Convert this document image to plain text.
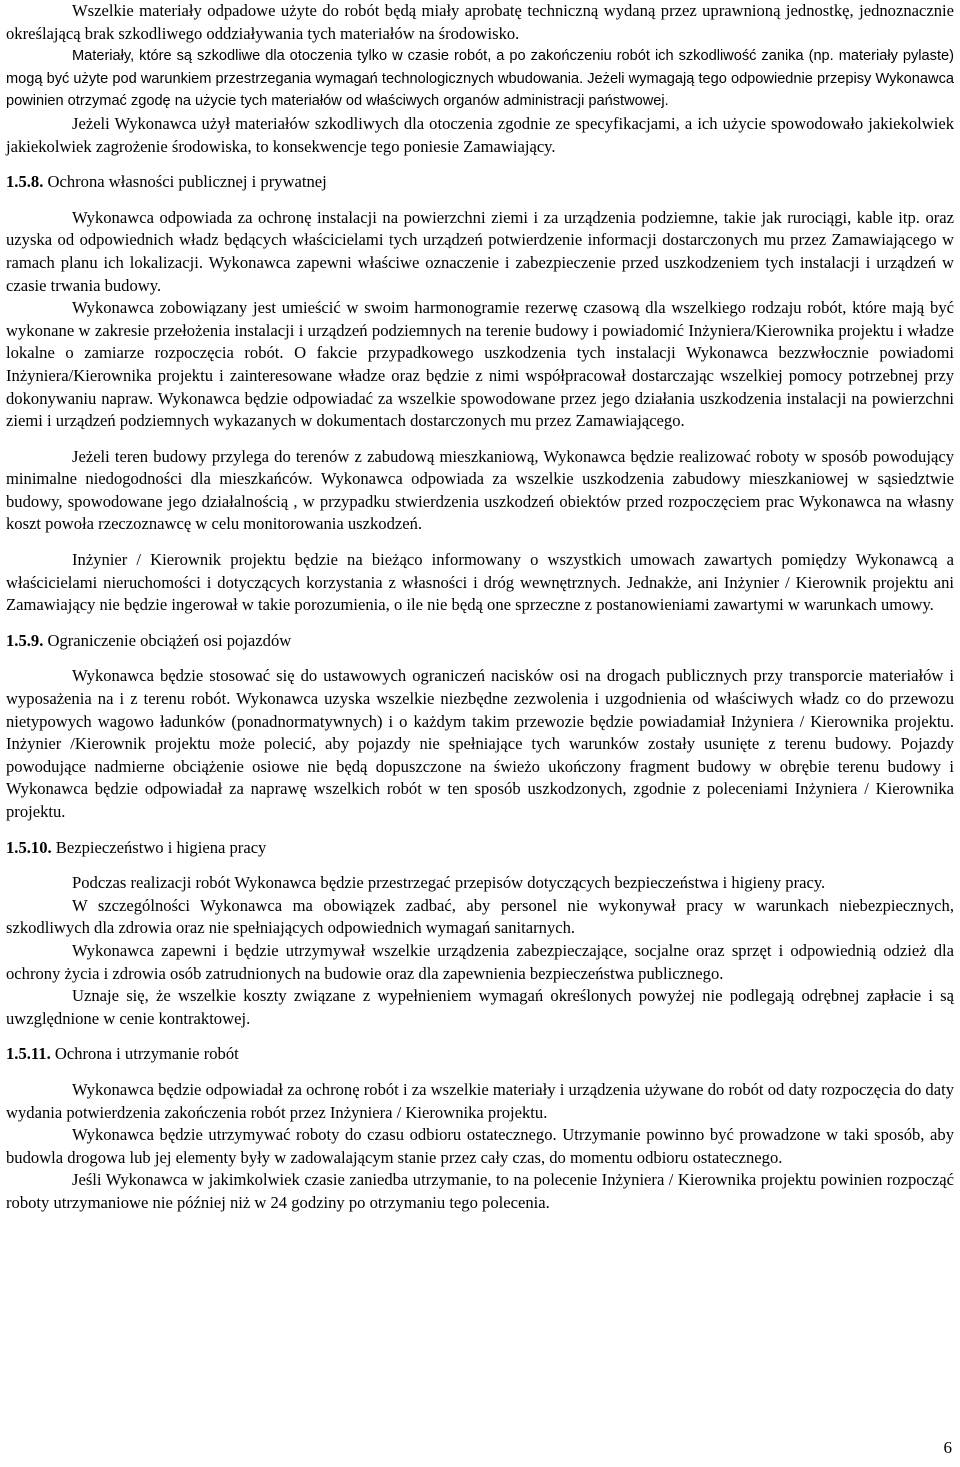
Wszelkie materiały odpadowe użyte do robót będą miały aprobatę techniczną wydaną przez uprawnioną jednostkę, jednoznacznie określającą brak szkodliwego oddziaływania tych materiałów na środowisko.

Materiały, które są szkodliwe dla otoczenia tylko w czasie robót, a po zakończeniu robót ich szkodliwość zanika (np. materiały pylaste) mogą być użyte pod warunkiem przestrzegania wymagań technologicznych wbudowania. Jeżeli wymagają tego odpowiednie przepisy Wykonawca powinien otrzymać zgodę na użycie tych materiałów od właściwych organów administracji państwowej.

Jeżeli Wykonawca użył materiałów szkodliwych dla otoczenia zgodnie ze specyfikacjami, a ich użycie spowodowało jakiekolwiek jakiekolwiek zagrożenie środowiska, to konsekwencje tego poniesie Zamawiający.

1.5.8. Ochrona własności publicznej i prywatnej

Wykonawca odpowiada za ochronę instalacji na powierzchni ziemi i za urządzenia podziemne, takie jak rurociągi, kable itp. oraz uzyska od odpowiednich władz będących właścicielami tych urządzeń potwierdzenie informacji dostarczonych mu przez Zamawiającego w ramach planu ich lokalizacji. Wykonawca zapewni właściwe oznaczenie i zabezpieczenie przed uszkodzeniem tych instalacji i urządzeń w czasie trwania budowy.

Wykonawca zobowiązany jest umieścić w swoim harmonogramie rezerwę czasową dla wszelkiego rodzaju robót, które mają być wykonane w zakresie przełożenia instalacji i urządzeń podziemnych na terenie budowy i powiadomić Inżyniera/Kierownika projektu i władze lokalne o zamiarze rozpoczęcia robót. O fakcie przypadkowego uszkodzenia tych instalacji Wykonawca bezzwłocznie powiadomi Inżyniera/Kierownika projektu i zainteresowane władze oraz będzie z nimi współpracował dostarczając wszelkiej pomocy potrzebnej przy dokonywaniu napraw. Wykonawca będzie odpowiadać za wszelkie spowodowane przez jego działania uszkodzenia instalacji na powierzchni ziemi i urządzeń podziemnych wykazanych w dokumentach dostarczonych mu przez Zamawiającego.

Jeżeli teren budowy przylega do terenów z zabudową mieszkaniową, Wykonawca będzie realizować roboty w sposób powodujący minimalne niedogodności dla mieszkańców. Wykonawca odpowiada za wszelkie uszkodzenia zabudowy mieszkaniowej w sąsiedztwie budowy, spowodowane jego działalnością , w przypadku stwierdzenia uszkodzeń obiektów przed rozpoczęciem prac Wykonawca na własny koszt powoła rzeczoznawcę w celu monitorowania uszkodzeń.

Inżynier / Kierownik projektu będzie na bieżąco informowany o wszystkich umowach zawartych pomiędzy Wykonawcą a właścicielami nieruchomości i dotyczących korzystania z własności i dróg wewnętrznych. Jednakże, ani Inżynier / Kierownik projektu ani Zamawiający nie będzie ingerował w takie porozumienia, o ile nie będą one sprzeczne z postanowieniami zawartymi w warunkach umowy.

1.5.9. Ograniczenie obciążeń osi pojazdów

Wykonawca będzie stosować się do ustawowych ograniczeń nacisków osi na drogach publicznych przy transporcie materiałów i wyposażenia na i z terenu robót. Wykonawca uzyska wszelkie niezbędne zezwolenia i uzgodnienia od właściwych władz co do przewozu nietypowych wagowo ładunków (ponadnormatywnych) i o każdym takim przewozie będzie powiadamiał Inżyniera / Kierownika projektu. Inżynier /Kierownik projektu może polecić, aby pojazdy nie spełniające tych warunków zostały usunięte z terenu budowy. Pojazdy powodujące nadmierne obciążenie osiowe nie będą dopuszczone na świeżo ukończony fragment budowy w obrębie terenu budowy i Wykonawca będzie odpowiadał za naprawę wszelkich robót w ten sposób uszkodzonych, zgodnie z poleceniami Inżyniera / Kierownika projektu.

1.5.10. Bezpieczeństwo i higiena pracy

Podczas realizacji robót Wykonawca będzie przestrzegać przepisów dotyczących bezpieczeństwa i higieny pracy.

W szczególności Wykonawca ma obowiązek zadbać, aby personel nie wykonywał pracy w warunkach niebezpiecznych, szkodliwych dla zdrowia oraz nie spełniających odpowiednich wymagań sanitarnych.

Wykonawca zapewni i będzie utrzymywał wszelkie urządzenia zabezpieczające, socjalne oraz sprzęt i odpowiednią odzież dla ochrony życia i zdrowia osób zatrudnionych na budowie oraz dla zapewnienia bezpieczeństwa publicznego.

Uznaje się, że wszelkie koszty związane z wypełnieniem wymagań określonych powyżej nie podlegają odrębnej zapłacie i są uwzględnione w cenie kontraktowej.

1.5.11. Ochrona i utrzymanie robót

Wykonawca będzie odpowiadał za ochronę robót i za wszelkie materiały i urządzenia używane do robót od daty rozpoczęcia do daty wydania potwierdzenia zakończenia robót przez Inżyniera / Kierownika projektu.

Wykonawca będzie utrzymywać roboty do czasu odbioru ostatecznego. Utrzymanie powinno być prowadzone w taki sposób, aby budowla drogowa lub jej elementy były w zadowalającym stanie przez cały czas, do momentu odbioru ostatecznego.

Jeśli Wykonawca w jakimkolwiek czasie zaniedba utrzymanie, to na polecenie Inżyniera / Kierownika projektu powinien rozpocząć roboty utrzymaniowe nie później niż w 24 godziny po otrzymaniu tego polecenia.

6
